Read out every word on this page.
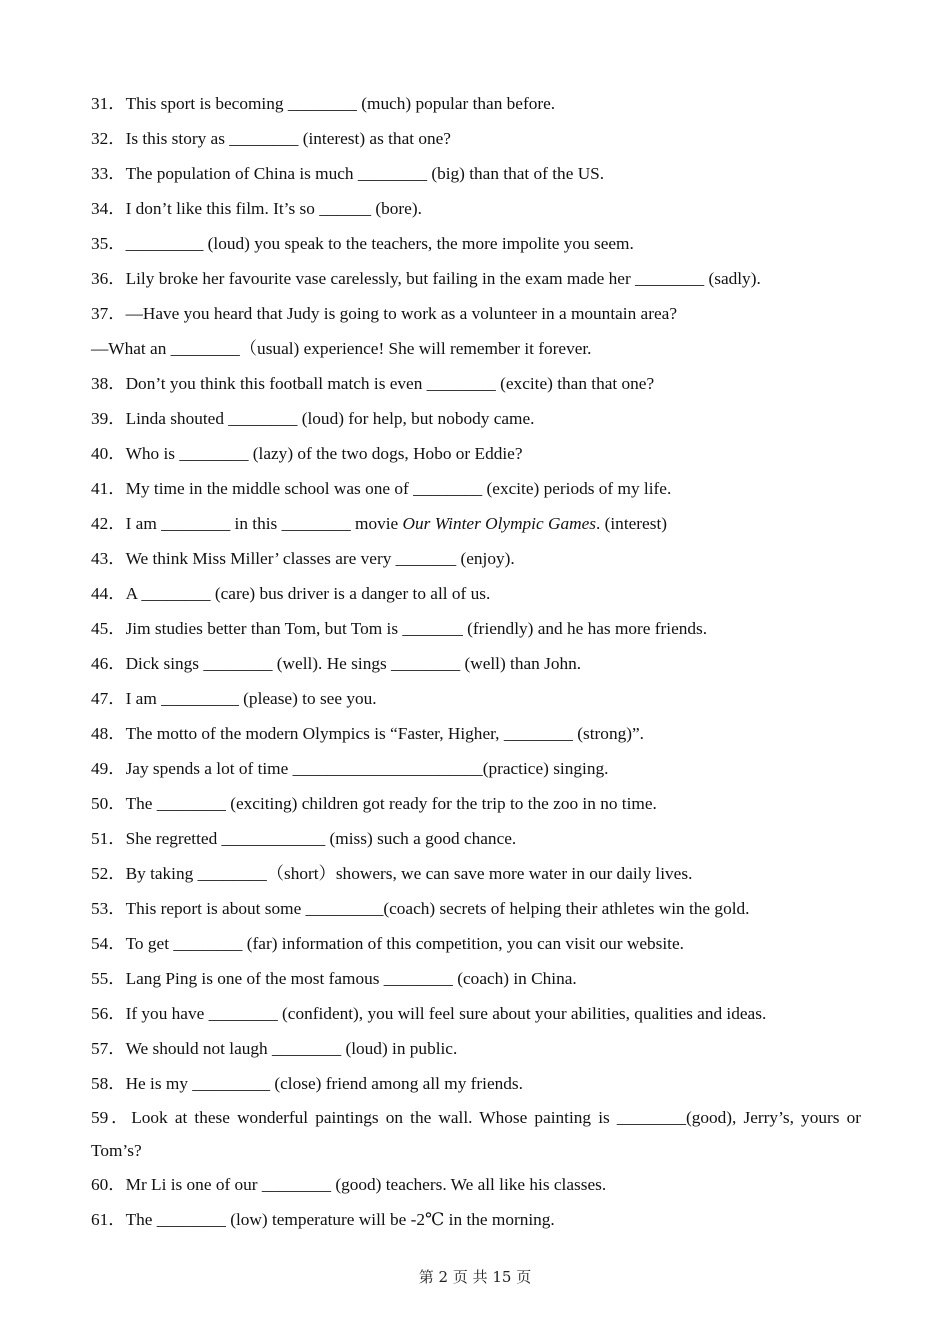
31 ． This sport is becoming ________ (much) popular than before.
32 ． Is this story as ________ (interest) as that one?
33 ． The population of China is much ________ (big) than that of the US.
34 ． I don’t like this film. It’s so ______ (bore).
35 ． _________ (loud) you speak to the teachers, the more impolite you seem.
36 ． Lily broke her favourite vase carelessly, but failing in the exam made her ________ (sadly).
37 ． —Have you heard that Judy is going to work as a volunteer in a mountain area?
—What an ________（usual) experience! She will remember it forever.
38 ． Don’t you think this football match is even ________ (excite) than that one?
39 ． Linda shouted ________ (loud) for help, but nobody came.
40 ． Who is ________ (lazy) of the two dogs, Hobo or Eddie?
41 ． My time in the middle school was one of ________ (excite) periods of my life.
42 ． I am ________ in this ________ movie Our Winter Olympic Games. (interest)
43 ． We think Miss Miller’ classes are very _______ (enjoy).
44 ． A ________ (care) bus driver is a danger to all of us.
45 ． Jim studies better than Tom, but Tom is _______ (friendly) and he has more friends.
46 ． Dick sings ________ (well). He sings ________ (well) than John.
47 ． I am _________ (please) to see you.
48 ． The motto of the modern Olympics is “Faster, Higher, ________ (strong)”.
49 ． Jay spends a lot of time ______________________(practice) singing.
50 ． The ________ (exciting) children got ready for the trip to the zoo in no time.
51 ． She regretted ____________ (miss) such a good chance.
52 ． By taking ________（short）showers, we can save more water in our daily lives.
53 ． This report is about some _________(coach) secrets of helping their athletes win the gold.
54 ． To get ________ (far) information of this competition, you can visit our website.
55 ． Lang Ping is one of the most famous ________ (coach) in China.
56 ． If you have ________ (confident), you will feel sure about your abilities, qualities and ideas.
57 ． We should not laugh ________ (loud) in public.
58 ． He is my _________ (close) friend among all my friends.
59 ． Look at these wonderful paintings on the wall. Whose painting is ________(good), Jerry’s, yours or Tom’s?
60 ． Mr Li is one of our ________ (good) teachers. We all like his classes.
61 ． The ________ (low) temperature will be -2℃ in the morning.
第 2 页 共 15 页
